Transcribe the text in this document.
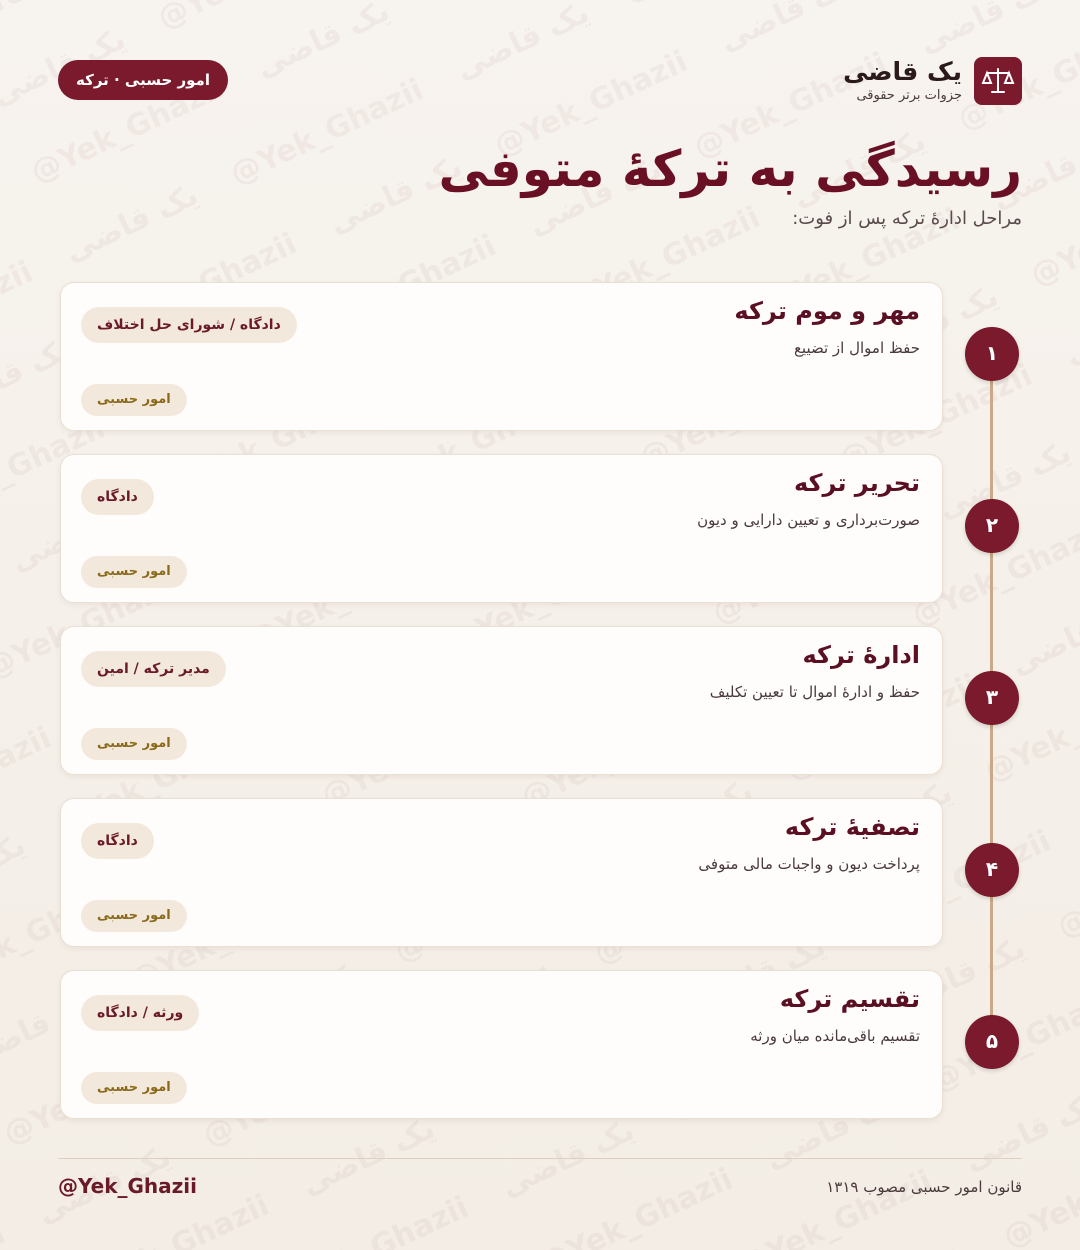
امور حسبی · ترکه	یک قاضی
جزوات برتر حقوقی
رسیدگی به ترکهٔ متوفی
مراحل ادارهٔ ترکه پس از فوت:
۱
مهر و موم ترکه
حفظ اموال از تضییع
دادگاه / شورای حل اختلاف
امور حسبی
۲
تحریر ترکه
صورت‌برداری و تعیین دارایی و دیون
دادگاه
امور حسبی
۳
ادارهٔ ترکه
حفظ و ادارهٔ اموال تا تعیین تکلیف
مدیر ترکه / امین
امور حسبی
۴
تصفیهٔ ترکه
پرداخت دیون و واجبات مالی متوفی
دادگاه
امور حسبی
۵
تقسیم ترکه
تقسیم باقی‌مانده میان ورثه
ورثه / دادگاه
امور حسبی
@Yek_Ghazii	قانون امور حسبی مصوب ۱۳۱۹
